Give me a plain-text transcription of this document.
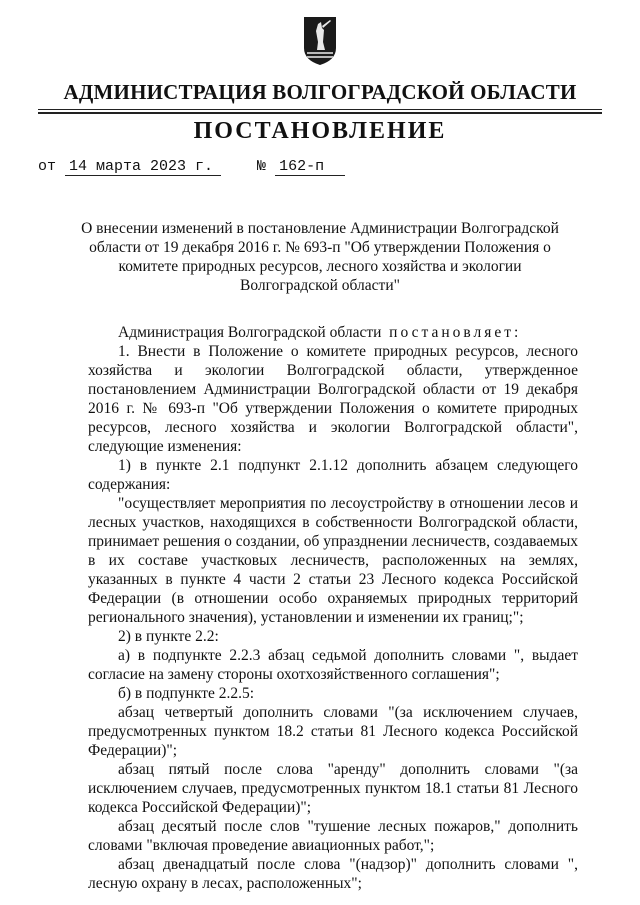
АДМИНИСТРАЦИЯ ВОЛГОГРАДСКОЙ ОБЛАСТИ
ПОСТАНОВЛЕНИЕ
от 14 марта 2023 г.	№ 162-п
О внесении изменений в постановление Администрации Волгоградской области от 19 декабря 2016 г. № 693-п "Об утверждении Положения о комитете природных ресурсов, лесного хозяйства и экологии Волгоградской области"

Администрация Волгоградской области постановляет:

1. Внести в Положение о комитете природных ресурсов, лесного хозяйства и экологии Волгоградской области, утвержденное постановлением Администрации Волгоградской области от 19 декабря 2016 г. № 693-п "Об утверждении Положения о комитете природных ресурсов, лесного хозяйства и экологии Волгоградской области", следующие изменения:

1) в пункте 2.1 подпункт 2.1.12 дополнить абзацем следующего содержания:

"осуществляет мероприятия по лесоустройству в отношении лесов и лесных участков, находящихся в собственности Волгоградской области, принимает решения о создании, об упразднении лесничеств, создаваемых в их составе участковых лесничеств, расположенных на землях, указанных в пункте 4 части 2 статьи 23 Лесного кодекса Российской Федерации (в отношении особо охраняемых природных территорий регионального значения), установлении и изменении их границ;";

2) в пункте 2.2:

а) в подпункте 2.2.3 абзац седьмой дополнить словами ", выдает согласие на замену стороны охотхозяйственного соглашения";

б) в подпункте 2.2.5:

абзац четвертый дополнить словами "(за исключением случаев, предусмотренных пунктом 18.2 статьи 81 Лесного кодекса Российской Федерации)";

абзац пятый после слова "аренду" дополнить словами "(за исключением случаев, предусмотренных пунктом 18.1 статьи 81 Лесного кодекса Российской Федерации)";

абзац десятый после слов "тушение лесных пожаров," дополнить словами "включая проведение авиационных работ,";

абзац двенадцатый после слова "(надзор)" дополнить словами ", лесную охрану в лесах, расположенных";
